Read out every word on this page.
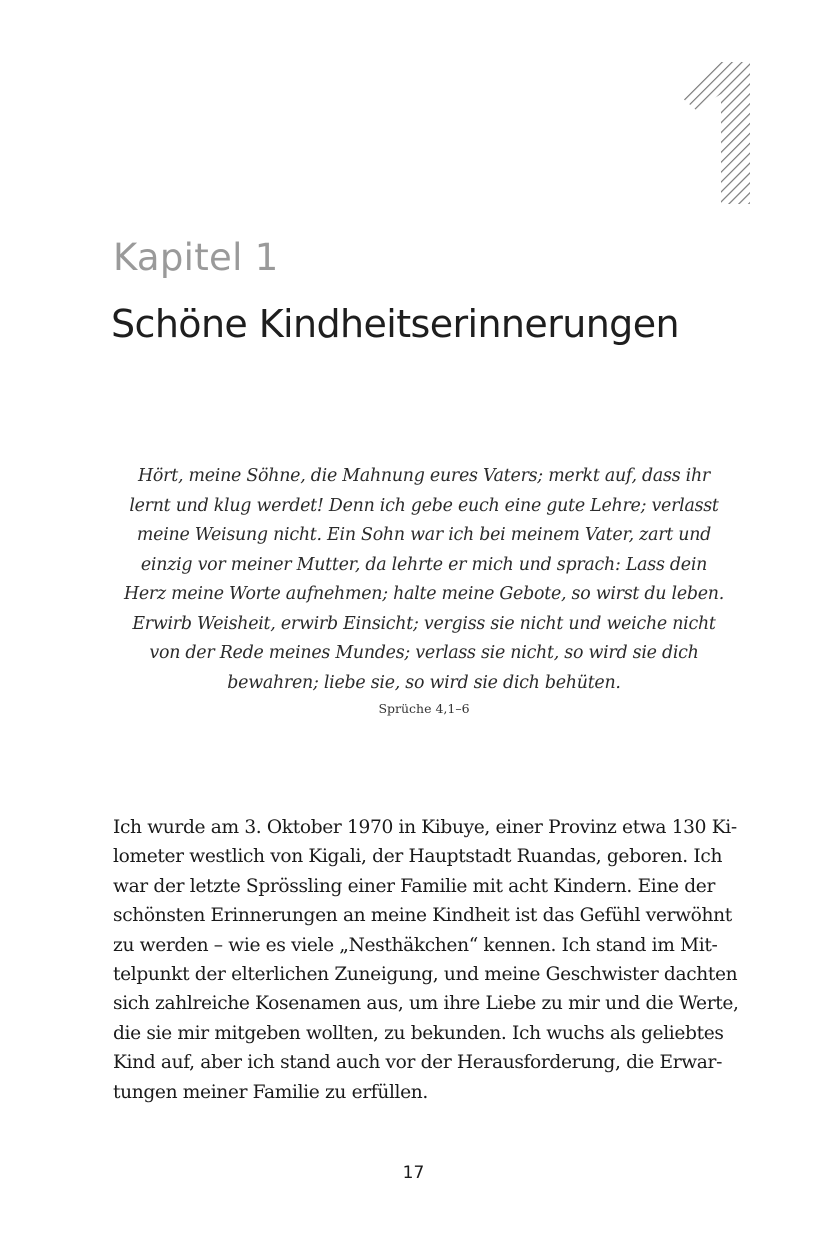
Kapitel 1
Schöne Kindheitserinnerungen
Hört, meine Söhne, die Mahnung eures Vaters; merkt auf, dass ihr
lernt und klug werdet! Denn ich gebe euch eine gute Lehre; verlasst
meine Weisung nicht. Ein Sohn war ich bei meinem Vater, zart und
einzig vor meiner Mutter, da lehrte er mich und sprach: Lass dein
Herz meine Worte aufnehmen; halte meine Gebote, so wirst du leben.
Erwirb Weisheit, erwirb Einsicht; vergiss sie nicht und weiche nicht
von der Rede meines Mundes; verlass sie nicht, so wird sie dich
bewahren; liebe sie, so wird sie dich behüten.
Sprüche 4,1–6
Ich wurde am 3. Oktober 1970 in Kibuye, einer Provinz etwa 130 Ki-
lometer westlich von Kigali, der Hauptstadt Ruandas, geboren. Ich
war der letzte Sprössling einer Familie mit acht Kindern. Eine der
schönsten Erinnerungen an meine Kindheit ist das Gefühl verwöhnt
zu werden – wie es viele „Nesthäkchen“ kennen. Ich stand im Mit-
telpunkt der elterlichen Zuneigung, und meine Geschwister dachten
sich zahlreiche Kosenamen aus, um ihre Liebe zu mir und die Werte,
die sie mir mitgeben wollten, zu bekunden. Ich wuchs als geliebtes
Kind auf, aber ich stand auch vor der Herausforderung, die Erwar-
tungen meiner Familie zu erfüllen.
17
